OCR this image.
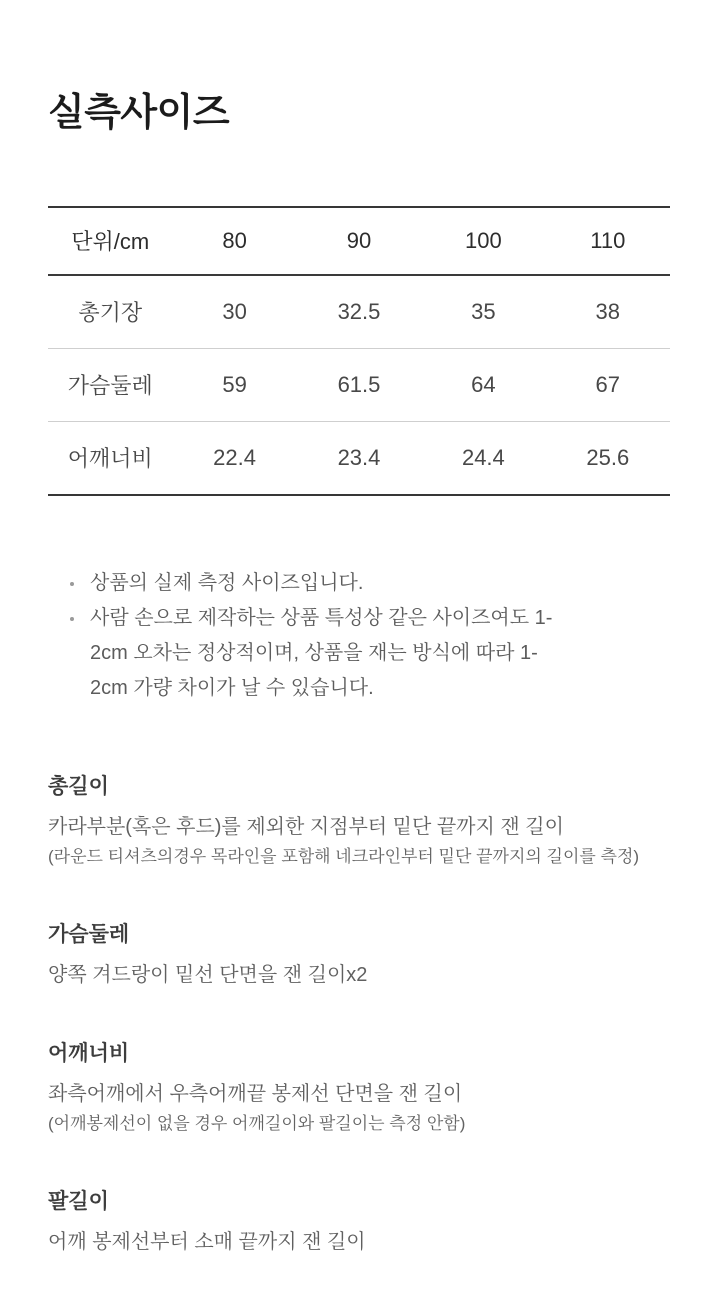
실측사이즈
단위/cm	80	90	100	110
총기장	30	32.5	35	38
가슴둘레	59	61.5	64	67
어깨너비	22.4	23.4	24.4	25.6
상품의 실제 측정 사이즈입니다.
사람 손으로 제작하는 상품 특성상 같은 사이즈여도 1-2cm 오차는 정상적이며, 상품을 재는 방식에 따라 1-2cm 가량 차이가 날 수 있습니다.
총길이

카라부분(혹은 후드)를 제외한 지점부터 밑단 끝까지 잰 길이

(라운드 티셔츠의경우 목라인을 포함해 네크라인부터 밑단 끝까지의 길이를 측정)

가슴둘레

양쪽 겨드랑이 밑선 단면을 잰 길이x2

어깨너비

좌측어깨에서 우측어깨끝 봉제선 단면을 잰 길이

(어깨봉제선이 없을 경우 어깨길이와 팔길이는 측정 안함)

팔길이

어깨 봉제선부터 소매 끝까지 잰 길이
